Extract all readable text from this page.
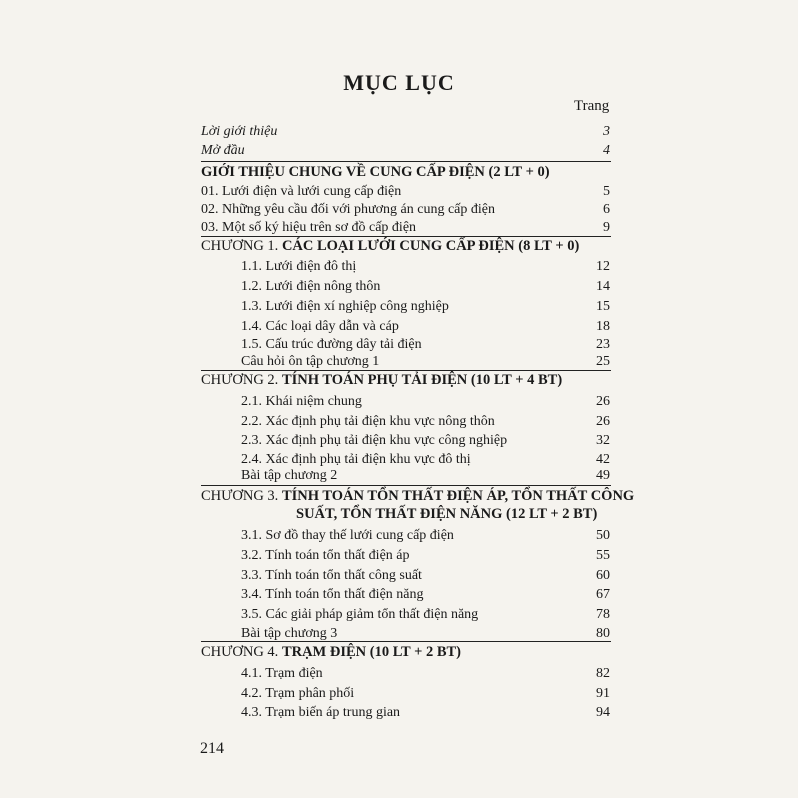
MỤC LỤC
Trang
Lời giới thiệu	3
Mở đầu	4
GIỚI THIỆU CHUNG VỀ CUNG CẤP ĐIỆN (2 LT + 0)
01. Lưới điện và lưới cung cấp điện	5
02. Những yêu cầu đối với phương án cung cấp điện	6
03. Một số ký hiệu trên sơ đồ cấp điện	9
CHƯƠNG 1. CÁC LOẠI LƯỚI CUNG CẤP ĐIỆN (8 LT + 0)
1.1. Lưới điện đô thị	12
1.2. Lưới điện nông thôn	14
1.3. Lưới điện xí nghiệp công nghiệp	15
1.4. Các loại dây dẫn và cáp	18
1.5. Cấu trúc đường dây tải điện	23
Câu hỏi ôn tập chương 1	25
CHƯƠNG 2. TÍNH TOÁN PHỤ TẢI ĐIỆN (10 LT + 4 BT)
2.1. Khái niệm chung	26
2.2. Xác định phụ tải điện khu vực nông thôn	26
2.3. Xác định phụ tải điện khu vực công nghiệp	32
2.4. Xác định phụ tải điện khu vực đô thị	42
Bài tập chương 2	49
CHƯƠNG 3. TÍNH TOÁN TỔN THẤT ĐIỆN ÁP, TỔN THẤT CÔNG
SUẤT, TỔN THẤT ĐIỆN NĂNG (12 LT + 2 BT)
3.1. Sơ đồ thay thế lưới cung cấp điện	50
3.2. Tính toán tổn thất điện áp	55
3.3. Tính toán tổn thất công suất	60
3.4. Tính toán tổn thất điện năng	67
3.5. Các giải pháp giảm tổn thất điện năng	78
Bài tập chương 3	80
CHƯƠNG 4. TRẠM ĐIỆN (10 LT + 2 BT)
4.1. Trạm điện	82
4.2. Trạm phân phối	91
4.3. Trạm biến áp trung gian	94
214
